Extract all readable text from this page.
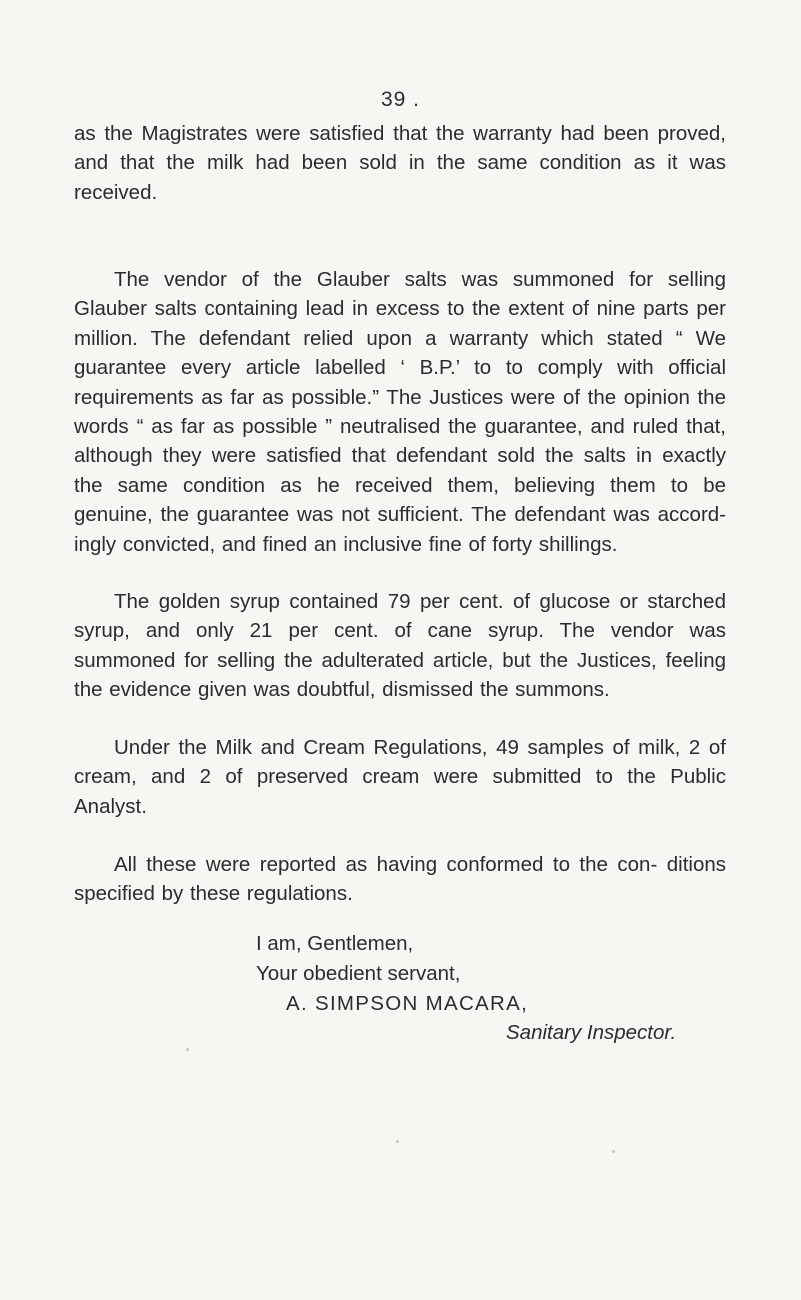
39 .

as the Magistrates were satisfied that the warranty had been proved, and that the milk had been sold in the same condition as it was received.

The vendor of the Glauber salts was summoned for selling Glauber salts containing lead in excess to the extent of nine parts per million. The defendant relied upon a warranty which stated “ We guarantee every article labelled ‘ B.P.’ to to comply with official requirements as far as possible.” The Justices were of the opinion the words “ as far as possible ” neutralised the guarantee, and ruled that, although they were satisfied that defendant sold the salts in exactly the same condition as he received them, believing them to be genuine, the guarantee was not sufficient. The defendant was accord- ingly convicted, and fined an inclusive fine of forty shillings.

The golden syrup contained 79 per cent. of glucose or starched syrup, and only 21 per cent. of cane syrup. The vendor was summoned for selling the adulterated article, but the Justices, feeling the evidence given was doubtful, dismissed the summons.

Under the Milk and Cream Regulations, 49 samples of milk, 2 of cream, and 2 of preserved cream were submitted to the Public Analyst.

All these were reported as having conformed to the con- ditions specified by these regulations.

I am, Gentlemen,
Your obedient servant,
A. SIMPSON MACARA,
Sanitary Inspector.
